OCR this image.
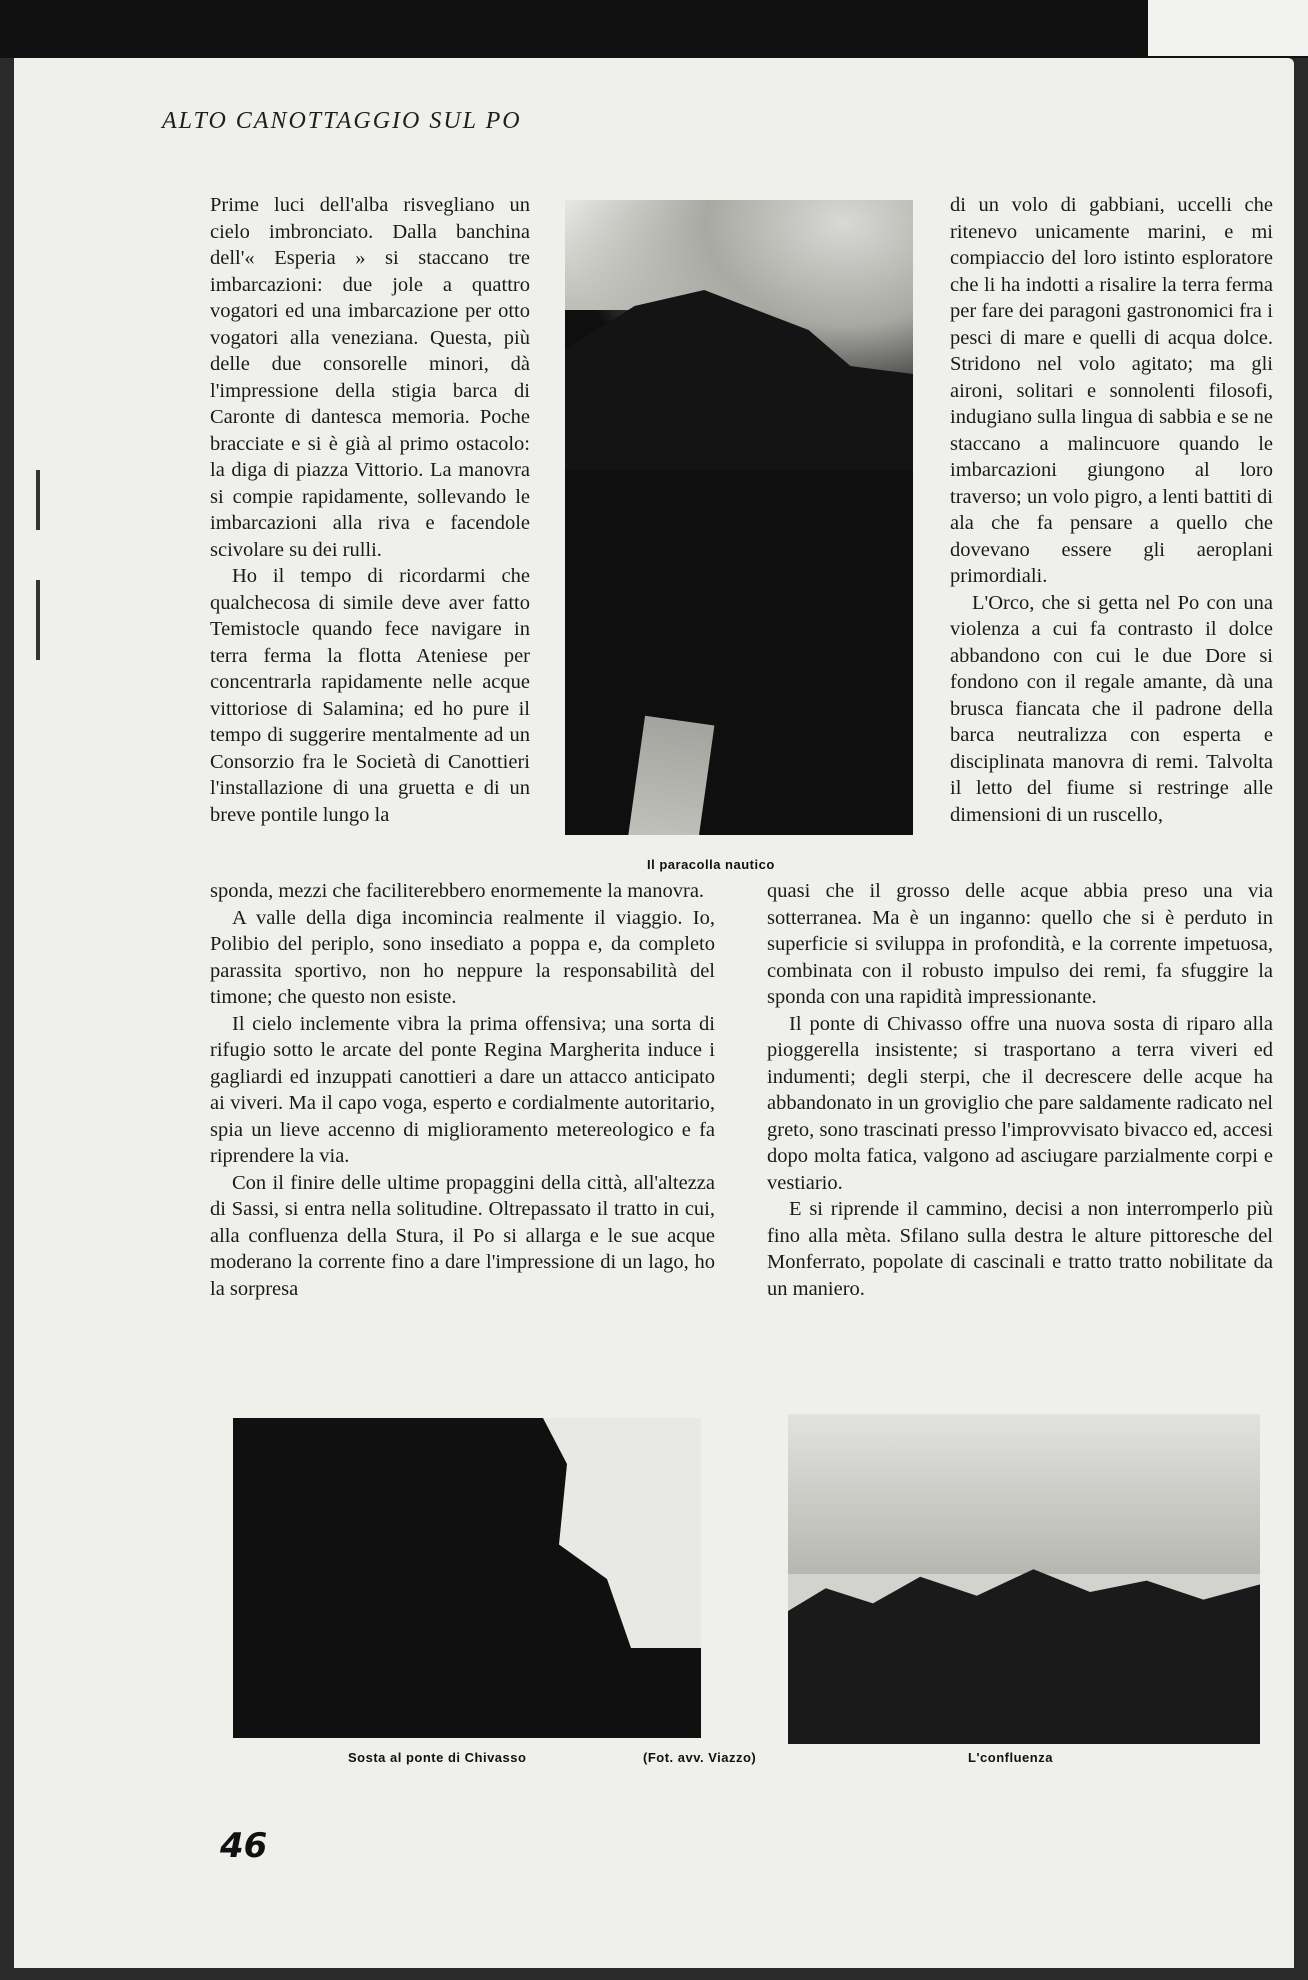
ALTO CANOTTAGGIO SUL PO

Prime luci dell'alba risvegliano un cielo imbronciato. Dalla banchina dell'« Esperia » si staccano tre imbarcazioni: due jole a quattro vogatori ed una imbarcazione per otto vogatori alla veneziana. Questa, più delle due consorelle minori, dà l'impressione della stigia barca di Caronte di dantesca memoria. Poche bracciate e si è già al primo ostacolo: la diga di piazza Vittorio. La manovra si compie rapidamente, sollevando le imbarcazioni alla riva e facendole scivolare su dei rulli.

Ho il tempo di ricordarmi che qualchecosa di simile deve aver fatto Temistocle quando fece navigare in terra ferma la flotta Ateniese per concentrarla rapidamente nelle acque vittoriose di Salamina; ed ho pure il tempo di suggerire mentalmente ad un Consorzio fra le Società di Canottieri l'installazione di una gruetta e di un breve pontile lungo la

Il paracolla nautico

di un volo di gabbiani, uccelli che ritenevo unicamente marini, e mi compiaccio del loro istinto esploratore che li ha indotti a risalire la terra ferma per fare dei paragoni gastronomici fra i pesci di mare e quelli di acqua dolce. Stridono nel volo agitato; ma gli aironi, solitari e sonnolenti filosofi, indugiano sulla lingua di sabbia e se ne staccano a malincuore quando le imbarcazioni giungono al loro traverso; un volo pigro, a lenti battiti di ala che fa pensare a quello che dovevano essere gli aeroplani primordiali.

L'Orco, che si getta nel Po con una violenza a cui fa contrasto il dolce abbandono con cui le due Dore si fondono con il regale amante, dà una brusca fiancata che il padrone della barca neutralizza con esperta e disciplinata manovra di remi. Talvolta il letto del fiume si restringe alle dimensioni di un ruscello,

sponda, mezzi che faciliterebbero enormemente la manovra.

A valle della diga incomincia realmente il viaggio. Io, Polibio del periplo, sono insediato a poppa e, da completo parassita sportivo, non ho neppure la responsabilità del timone; che questo non esiste.

Il cielo inclemente vibra la prima offensiva; una sorta di rifugio sotto le arcate del ponte Regina Margherita induce i gagliardi ed inzuppati canottieri a dare un attacco anticipato ai viveri. Ma il capo voga, esperto e cordialmente autoritario, spia un lieve accenno di miglioramento metereologico e fa riprendere la via.

Con il finire delle ultime propaggini della città, all'altezza di Sassi, si entra nella solitudine. Oltrepassato il tratto in cui, alla confluenza della Stura, il Po si allarga e le sue acque moderano la corrente fino a dare l'impressione di un lago, ho la sorpresa

quasi che il grosso delle acque abbia preso una via sotterranea. Ma è un inganno: quello che si è perduto in superficie si sviluppa in profondità, e la corrente impetuosa, combinata con il robusto impulso dei remi, fa sfuggire la sponda con una rapidità impressionante.

Il ponte di Chivasso offre una nuova sosta di riparo alla pioggerella insistente; si trasportano a terra viveri ed indumenti; degli sterpi, che il decrescere delle acque ha abbandonato in un groviglio che pare saldamente radicato nel greto, sono trascinati presso l'improvvisato bivacco ed, accesi dopo molta fatica, valgono ad asciugare parzialmente corpi e vestiario.

E si riprende il cammino, decisi a non interromperlo più fino alla mèta. Sfilano sulla destra le alture pittoresche del Monferrato, popolate di cascinali e tratto tratto nobilitate da un maniero.

Sosta al ponte di Chivasso	(Fot. avv. Viazzo)	L'confluenza
46
